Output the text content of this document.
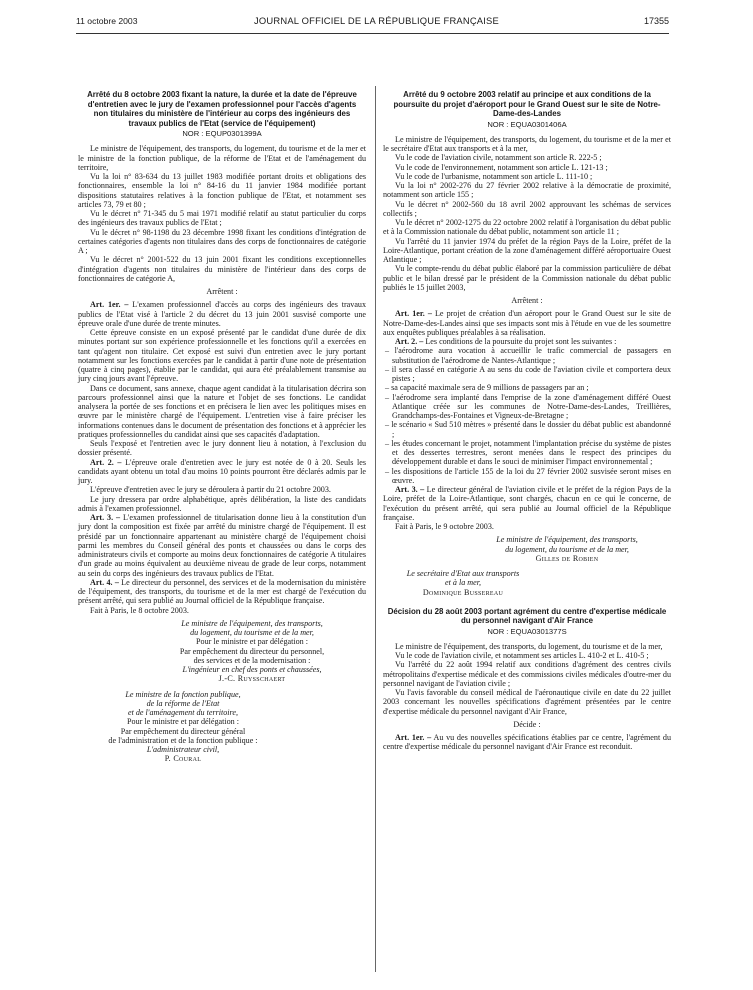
11 octobre 2003	JOURNAL OFFICIEL DE LA RÉPUBLIQUE FRANÇAISE	17355
Arrêté du 8 octobre 2003 fixant la nature, la durée et la date de l'épreuve d'entretien avec le jury de l'examen professionnel pour l'accès d'agents non titulaires du ministère de l'intérieur au corps des ingénieurs des travaux publics de l'Etat (service de l'équipement)
NOR : EQUP0301399A

Le ministre de l'équipement, des transports, du logement, du tourisme et de la mer et le ministre de la fonction publique, de la réforme de l'Etat et de l'aménagement du territoire,

Vu la loi n° 83-634 du 13 juillet 1983 modifiée portant droits et obligations des fonctionnaires, ensemble la loi n° 84-16 du 11 janvier 1984 modifiée portant dispositions statutaires relatives à la fonction publique de l'Etat, et notamment ses articles 73, 79 et 80 ;

Vu le décret n° 71-345 du 5 mai 1971 modifié relatif au statut particulier du corps des ingénieurs des travaux publics de l'Etat ;

Vu le décret n° 98-1198 du 23 décembre 1998 fixant les conditions d'intégration de certaines catégories d'agents non titulaires dans des corps de fonctionnaires de catégorie A ;

Vu le décret n° 2001-522 du 13 juin 2001 fixant les conditions exceptionnelles d'intégration d'agents non titulaires du ministère de l'intérieur dans des corps de fonctionnaires de catégorie A,

Arrêtent :

Art. 1er. – L'examen professionnel d'accès au corps des ingénieurs des travaux publics de l'Etat visé à l'article 2 du décret du 13 juin 2001 susvisé comporte une épreuve orale d'une durée de trente minutes.

Cette épreuve consiste en un exposé présenté par le candidat d'une durée de dix minutes portant sur son expérience professionnelle et les fonctions qu'il a exercées en tant qu'agent non titulaire. Cet exposé est suivi d'un entretien avec le jury portant notamment sur les fonctions exercées par le candidat à partir d'une note de présentation (quatre à cinq pages), établie par le candidat, qui aura été préalablement transmise au jury cinq jours avant l'épreuve.

Dans ce document, sans annexe, chaque agent candidat à la titularisation décrira son parcours professionnel ainsi que la nature et l'objet de ses fonctions. Le candidat analysera la portée de ses fonctions et en précisera le lien avec les politiques mises en œuvre par le ministère chargé de l'équipement. L'entretien vise à faire préciser les informations contenues dans le document de présentation des fonctions et à apprécier les pratiques professionnelles du candidat ainsi que ses capacités d'adaptation.

Seuls l'exposé et l'entretien avec le jury donnent lieu à notation, à l'exclusion du dossier présenté.

Art. 2. – L'épreuve orale d'entretien avec le jury est notée de 0 à 20. Seuls les candidats ayant obtenu un total d'au moins 10 points pourront être déclarés admis par le jury.

L'épreuve d'entretien avec le jury se déroulera à partir du 21 octobre 2003.

Le jury dressera par ordre alphabétique, après délibération, la liste des candidats admis à l'examen professionnel.

Art. 3. – L'examen professionnel de titularisation donne lieu à la constitution d'un jury dont la composition est fixée par arrêté du ministre chargé de l'équipement. Il est présidé par un fonctionnaire appartenant au ministère chargé de l'équipement choisi parmi les membres du Conseil général des ponts et chaussées ou dans le corps des administrateurs civils et comporte au moins deux fonctionnaires de catégorie A titulaires d'un grade au moins équivalent au deuxième niveau de grade de leur corps, notamment au sein du corps des ingénieurs des travaux publics de l'Etat.

Art. 4. – Le directeur du personnel, des services et de la modernisation du ministère de l'équipement, des transports, du tourisme et de la mer est chargé de l'exécution du présent arrêté, qui sera publié au Journal officiel de la République française.

Fait à Paris, le 8 octobre 2003.

Le ministre de l'équipement, des transports,
du logement, du tourisme et de la mer,
Pour le ministre et par délégation :
Par empêchement du directeur du personnel,
des services et de la modernisation :
L'ingénieur en chef des ponts et chaussées,
J.-C. Ruysschaert
Le ministre de la fonction publique,
de la réforme de l'Etat
et de l'aménagement du territoire,
Pour le ministre et par délégation :
Par empêchement du directeur général
de l'administration et de la fonction publique :
L'administrateur civil,
P. Coural
Arrêté du 9 octobre 2003 relatif au principe et aux conditions de la poursuite du projet d'aéroport pour le Grand Ouest sur le site de Notre-Dame-des-Landes
NOR : EQUA0301406A

Le ministre de l'équipement, des transports, du logement, du tourisme et de la mer et le secrétaire d'Etat aux transports et à la mer,

Vu le code de l'aviation civile, notamment son article R. 222-5 ;

Vu le code de l'environnement, notamment son article L. 121-13 ;

Vu le code de l'urbanisme, notamment son article L. 111-10 ;

Vu la loi n° 2002-276 du 27 février 2002 relative à la démocratie de proximité, notamment son article 155 ;

Vu le décret n° 2002-560 du 18 avril 2002 approuvant les schémas de services collectifs ;

Vu le décret n° 2002-1275 du 22 octobre 2002 relatif à l'organisation du débat public et à la Commission nationale du débat public, notamment son article 11 ;

Vu l'arrêté du 11 janvier 1974 du préfet de la région Pays de la Loire, préfet de la Loire-Atlantique, portant création de la zone d'aménagement différé aéroportuaire Ouest Atlantique ;

Vu le compte-rendu du débat public élaboré par la commission particulière de débat public et le bilan dressé par le président de la Commission nationale du débat public publiés le 15 juillet 2003,

Arrêtent :

Art. 1er. – Le projet de création d'un aéroport pour le Grand Ouest sur le site de Notre-Dame-des-Landes ainsi que ses impacts sont mis à l'étude en vue de les soumettre aux enquêtes publiques préalables à sa réalisation.

Art. 2. – Les conditions de la poursuite du projet sont les suivantes :

– l'aérodrome aura vocation à accueillir le trafic commercial de passagers en substitution de l'aérodrome de Nantes-Atlantique ;
– il sera classé en catégorie A au sens du code de l'aviation civile et comportera deux pistes ;
– sa capacité maximale sera de 9 millions de passagers par an ;
– l'aérodrome sera implanté dans l'emprise de la zone d'aménagement différé Ouest Atlantique créée sur les communes de Notre-Dame-des-Landes, Treillières, Grandchamps-des-Fontaines et Vigneux-de-Bretagne ;
– le scénario « Sud 510 mètres » présenté dans le dossier du débat public est abandonné ;
– les études concernant le projet, notamment l'implantation précise du système de pistes et des dessertes terrestres, seront menées dans le respect des principes du développement durable et dans le souci de minimiser l'impact environnemental ;
– les dispositions de l'article 155 de la loi du 27 février 2002 susvisée seront mises en œuvre.

Art. 3. – Le directeur général de l'aviation civile et le préfet de la région Pays de la Loire, préfet de la Loire-Atlantique, sont chargés, chacun en ce qui le concerne, de l'exécution du présent arrêté, qui sera publié au Journal officiel de la République française.

Fait à Paris, le 9 octobre 2003.

Le ministre de l'équipement, des transports,
du logement, du tourisme et de la mer,
Gilles de Robien
Le secrétaire d'Etat aux transports
et à la mer,
Dominique Bussereau
Décision du 28 août 2003 portant agrément du centre d'expertise médicale du personnel navigant d'Air France
NOR : EQUA0301377S

Le ministre de l'équipement, des transports, du logement, du tourisme et de la mer,

Vu le code de l'aviation civile, et notamment ses articles L. 410-2 et L. 410-5 ;

Vu l'arrêté du 22 août 1994 relatif aux conditions d'agrément des centres civils métropolitains d'expertise médicale et des commissions civiles médicales d'outre-mer du personnel navigant de l'aviation civile ;

Vu l'avis favorable du conseil médical de l'aéronautique civile en date du 22 juillet 2003 concernant les nouvelles spécifications d'agrément présentées par le centre d'expertise médicale du personnel navigant d'Air France,

Décide :

Art. 1er. – Au vu des nouvelles spécifications établies par ce centre, l'agrément du centre d'expertise médicale du personnel navigant d'Air France est reconduit.
